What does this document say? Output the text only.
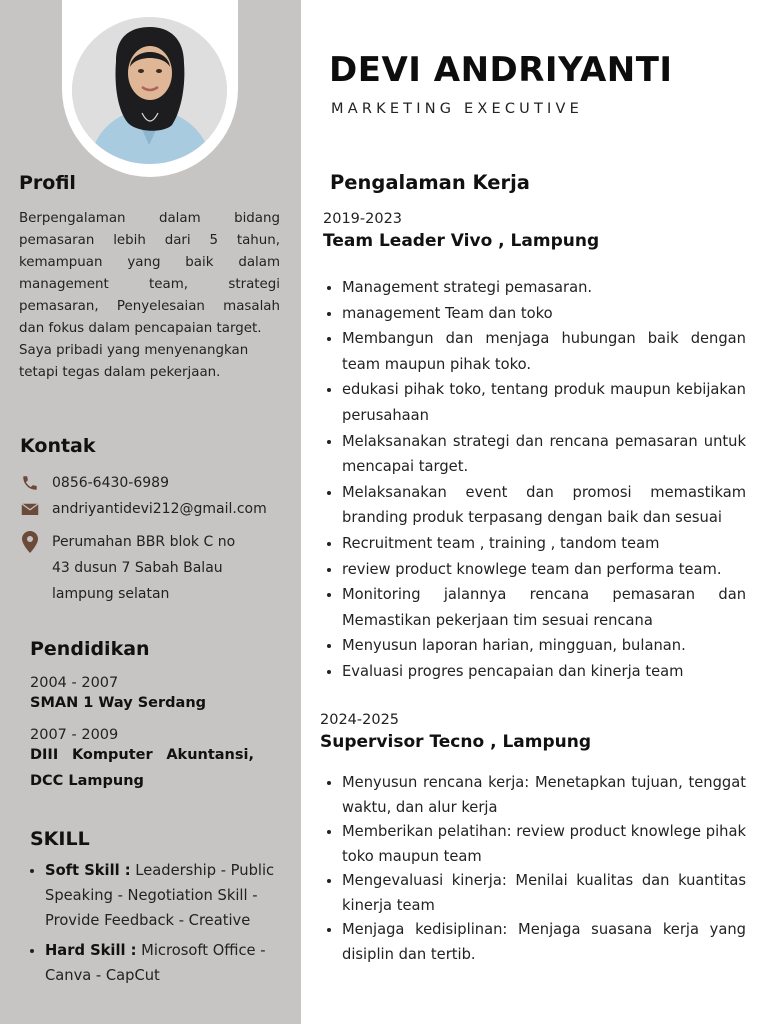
Profil

Berpengalaman dalam bidang pemasaran lebih dari 5 tahun, kemampuan yang baik dalam management team, strategi pemasaran, Penyelesaian masalah dan fokus dalam pencapaian target.

Saya pribadi yang menyenangkan tetapi tegas dalam pekerjaan.

Kontak
0856-6430-6989
andriyantidevi212@gmail.com
Perumahan BBR blok C no 43 dusun 7 Sabah Balau lampung selatan
Pendidikan
2004 - 2007
SMAN 1 Way Serdang
2007 - 2009
DIII Komputer Akuntansi,
DCC Lampung
SKILL
• Soft Skill : Leadership - Public Speaking - Negotiation Skill - Provide Feedback - Creative
• Hard Skill : Microsoft Office - Canva - CapCut
DEVI ANDRIYANTI
MARKETING EXECUTIVE
Pengalaman Kerja
2019-2023
Team Leader Vivo , Lampung
• Management strategi pemasaran.
• management Team dan toko
• Membangun dan menjaga hubungan baik dengan team maupun pihak toko.
• edukasi pihak toko, tentang produk maupun kebijakan perusahaan
• Melaksanakan strategi dan rencana pemasaran untuk mencapai target.
• Melaksanakan event dan promosi memastikam branding produk terpasang dengan baik dan sesuai
• Recruitment team , training , tandom team
• review product knowlege team dan performa team.
• Monitoring jalannya rencana pemasaran dan Memastikan pekerjaan tim sesuai rencana
• Menyusun laporan harian, mingguan, bulanan.
• Evaluasi progres pencapaian dan kinerja team
2024-2025
Supervisor Tecno , Lampung
• Menyusun rencana kerja: Menetapkan tujuan, tenggat waktu, dan alur kerja
• Memberikan pelatihan: review product knowlege pihak toko maupun team
• Mengevaluasi kinerja: Menilai kualitas dan kuantitas kinerja team
• Menjaga kedisiplinan: Menjaga suasana kerja yang disiplin dan tertib.
